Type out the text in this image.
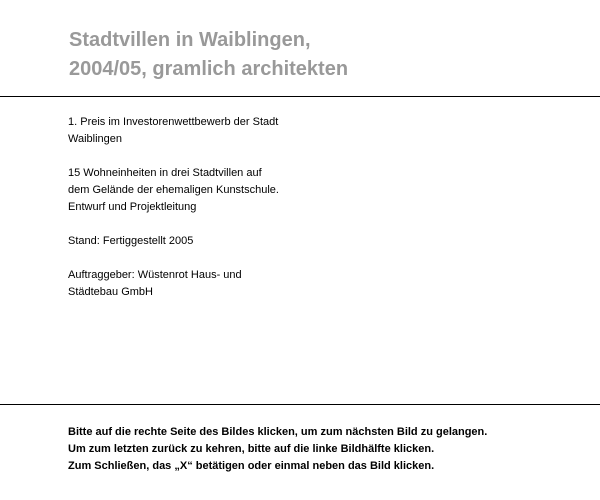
Stadtvillen in Waiblingen,
2004/05, gramlich architekten

1. Preis im Investorenwettbewerb der Stadt
Waiblingen

15 Wohneinheiten in drei Stadtvillen auf
dem Gelände der ehemaligen Kunstschule.
Entwurf und Projektleitung

Stand: Fertiggestellt 2005

Auftraggeber: Wüstenrot Haus- und
Städtebau GmbH

Bitte auf die rechte Seite des Bildes klicken, um zum nächsten Bild zu gelangen.
Um zum letzten zurück zu kehren, bitte auf die linke Bildhälfte klicken.
Zum Schließen, das „X“ betätigen oder einmal neben das Bild klicken.
